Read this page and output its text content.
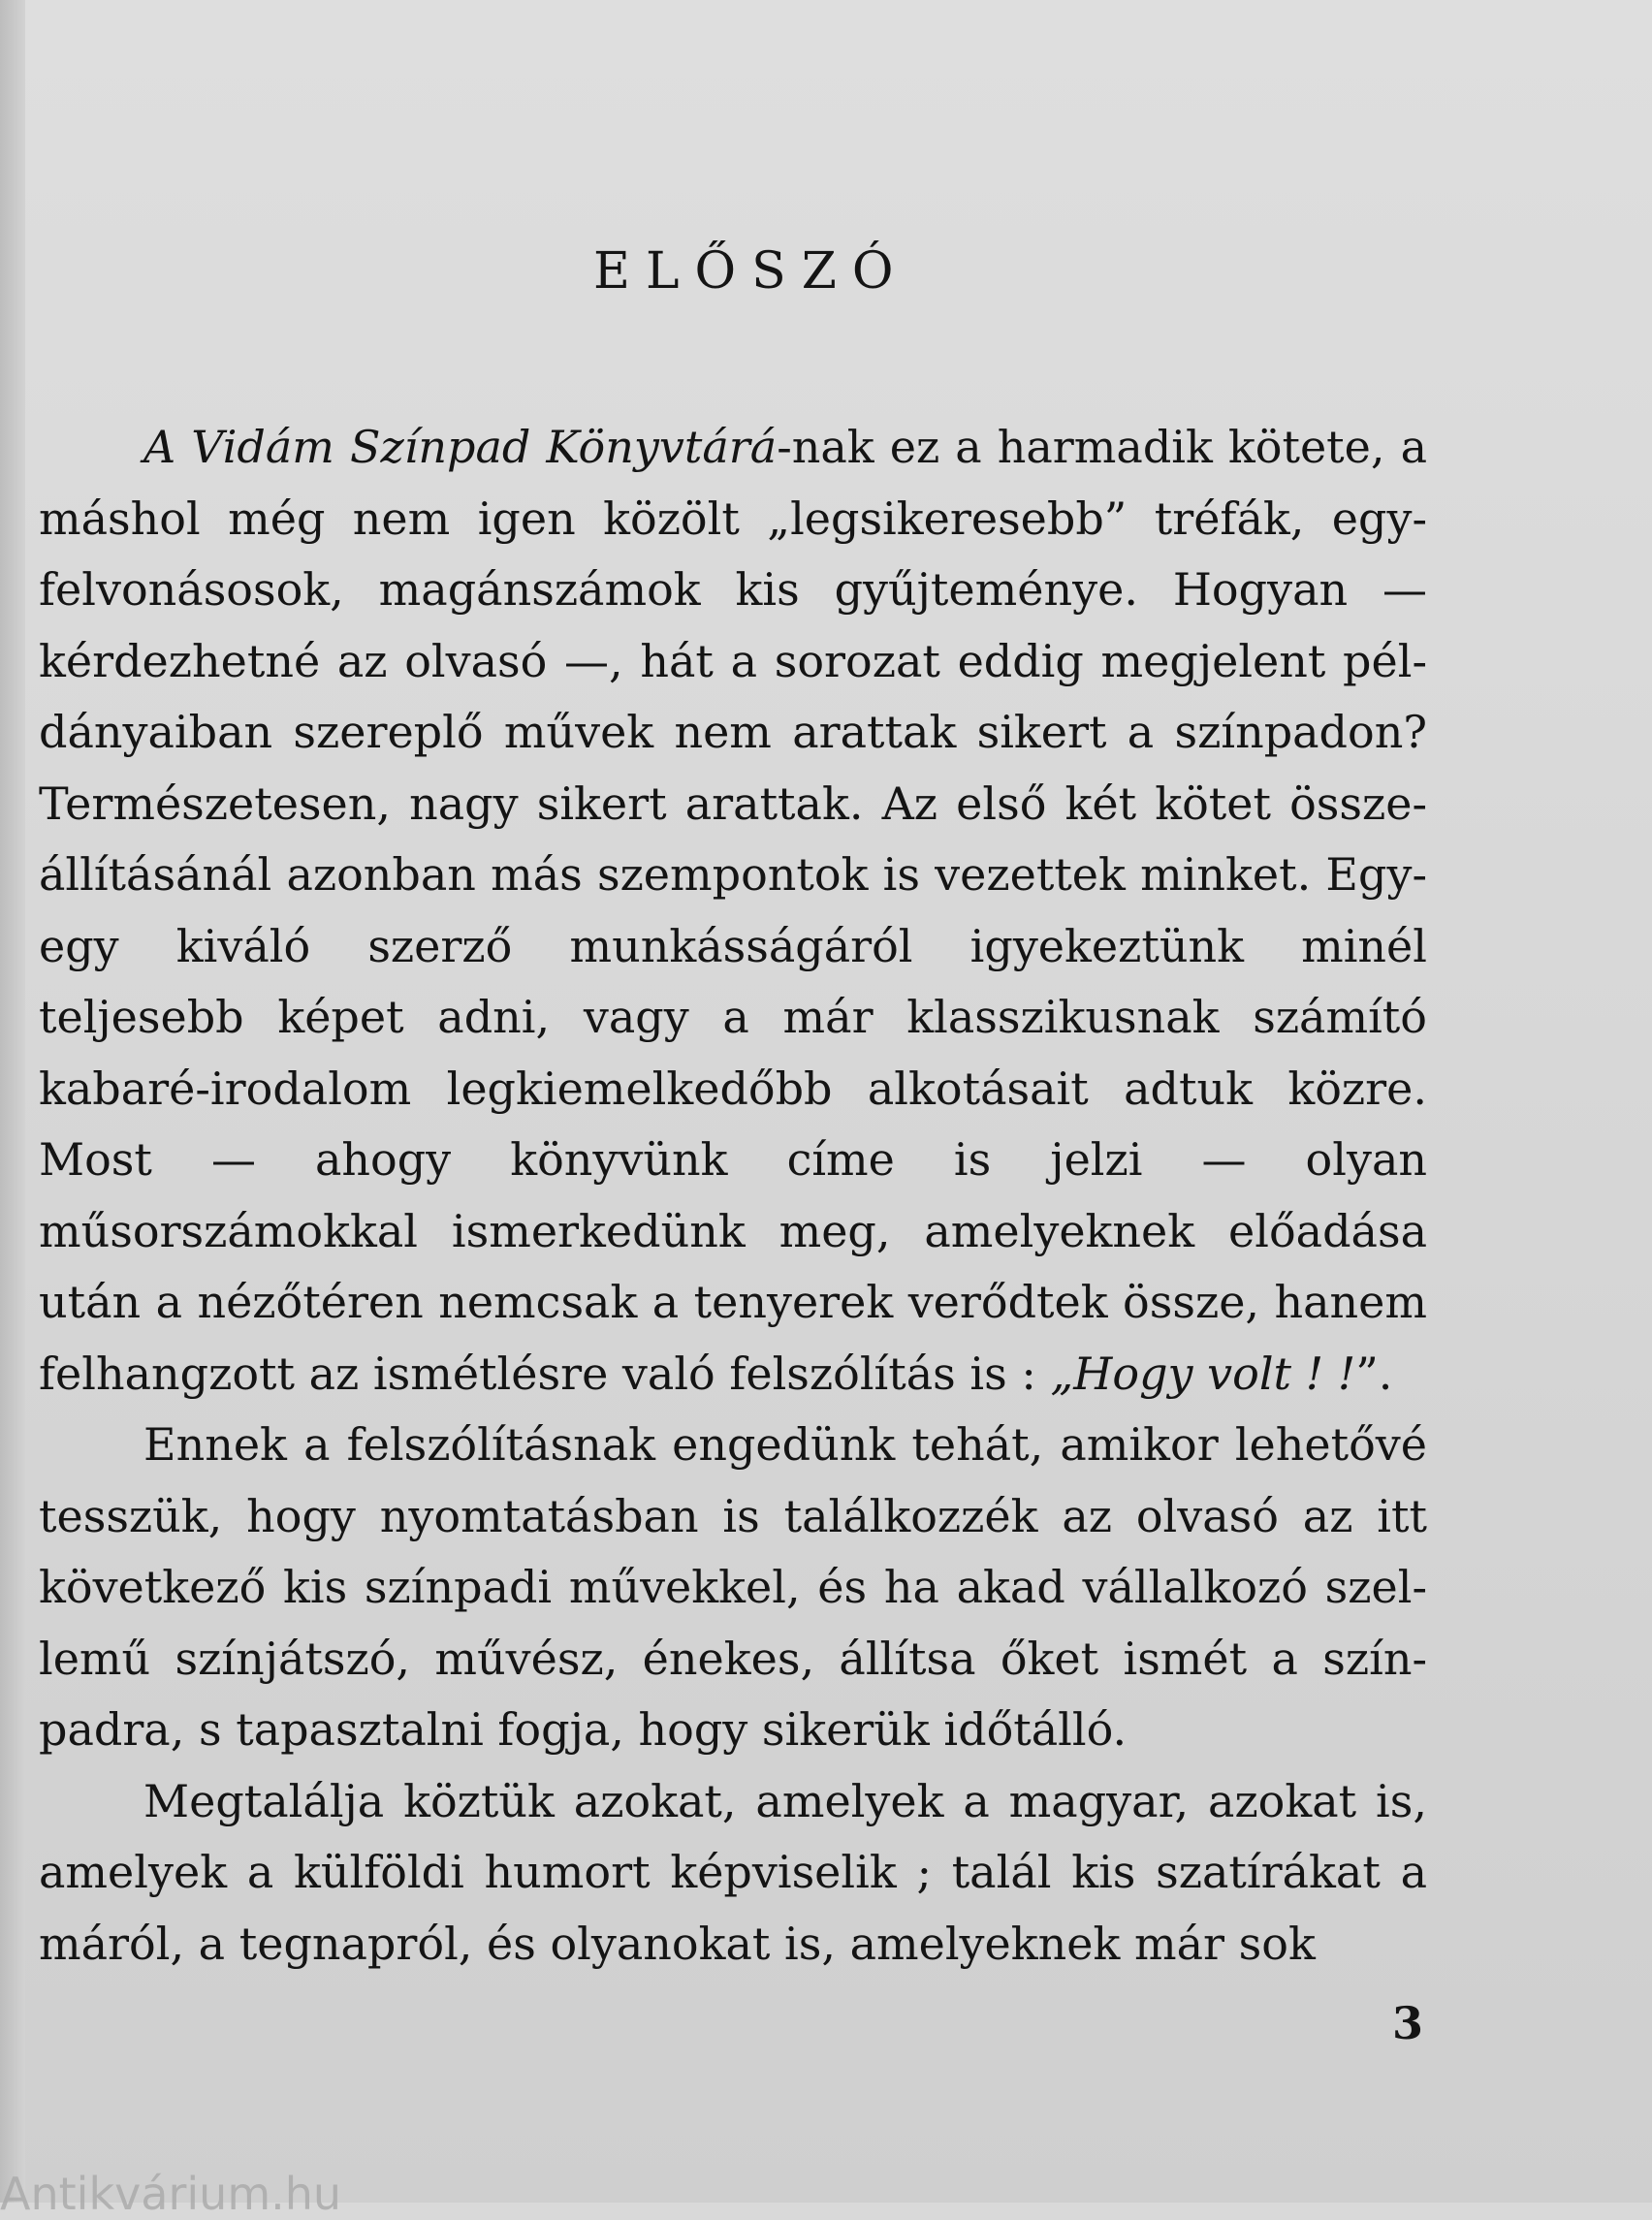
ELŐSZÓ

A Vidám Színpad Könyvtárá-nak ez a harmadik kötete, a máshol még nem igen közölt „legsikeresebb” tréfák, egyfelvonásosok, magánszámok kis gyűjteménye. Hogyan — kérdezhetné az olvasó —, hát a sorozat eddig megjelent példányaiban szereplő művek nem arattak sikert a színpadon? Természetesen, nagy sikert arattak. Az első két kötet összeállításánál azonban más szempontok is vezettek minket. Egy-egy kiváló szerző munkásságáról igyekeztünk minél teljesebb képet adni, vagy a már klasszikusnak számító kabaré-irodalom legkiemelkedőbb alkotásait adtuk közre. Most — ahogy könyvünk címe is jelzi — olyan műsorszámokkal ismerkedünk meg, amelyeknek előadása után a nézőtéren nemcsak a tenyerek verődtek össze, hanem felhangzott az ismétlésre való felszólítás is : „Hogy volt ! !”.

Ennek a felszólításnak engedünk tehát, amikor lehetővé tesszük, hogy nyomtatásban is találkozzék az olvasó az itt következő kis színpadi művekkel, és ha akad vállalkozó szellemű színjátszó, művész, énekes, állítsa őket ismét a színpadra, s tapasztalni fogja, hogy sikerük időtálló.

Megtalálja köztük azokat, amelyek a magyar, azokat is, amelyek a külföldi humort képviselik ; talál kis szatírákat a máról, a tegnapról, és olyanokat is, amelyeknek már sok

3
Antikvárium.hu
